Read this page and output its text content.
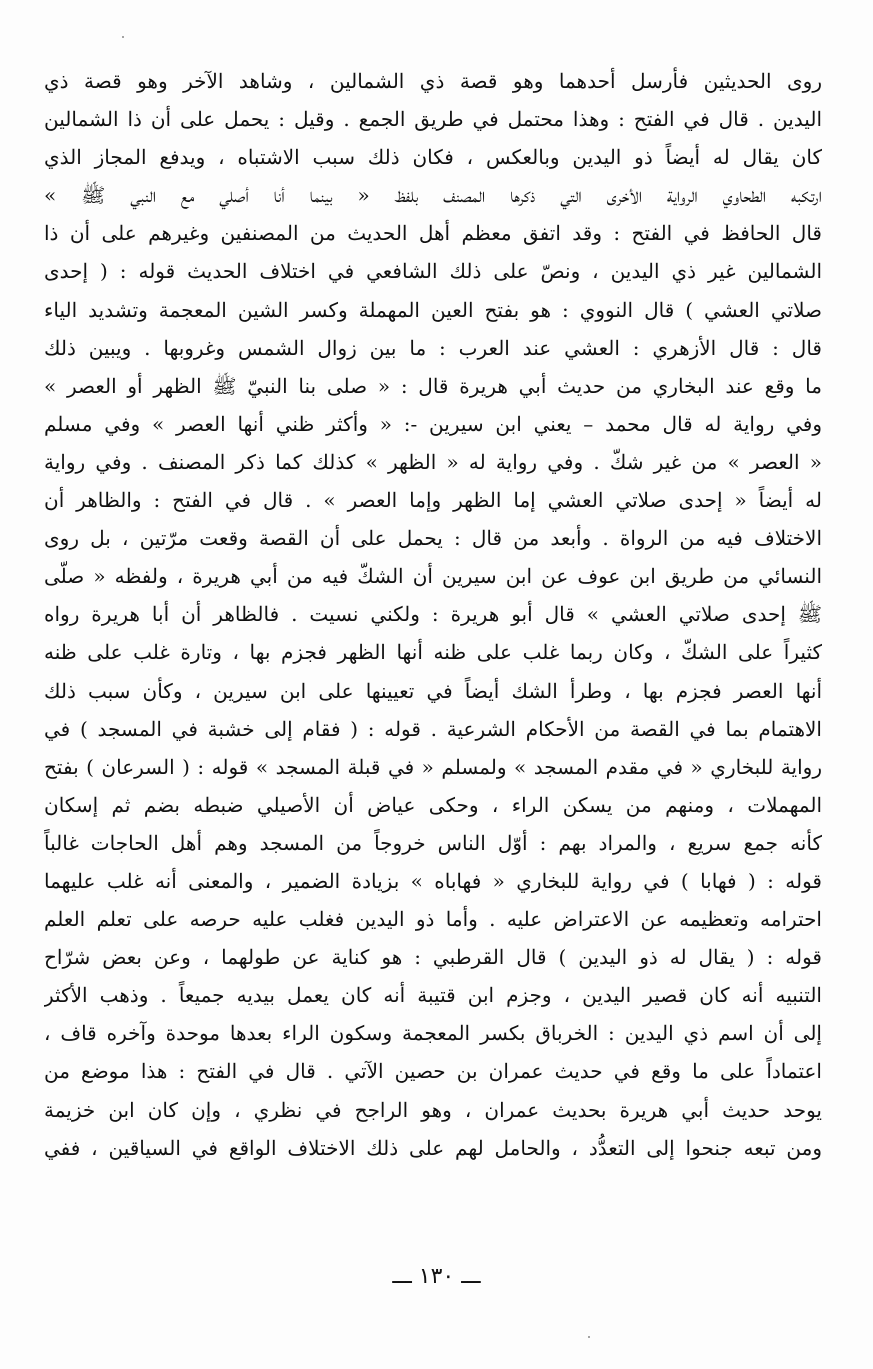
روى الحديثين فأرسل أحدهما وهو قصة ذي الشمالين ، وشاهد الآخر وهو قصة ذي
اليدين . قال في الفتح : وهذا محتمل في طريق الجمع . وقيل : يحمل على أن ذا الشمالين
كان يقال له أيضاً ذو اليدين وبالعكس ، فكان ذلك سبب الاشتباه ، ويدفع المجاز الذي
ارتكبه الطحاوي الرواية الأخرى التي ذكرها المصنف بلفظ « بينما أنا أصلي مع النبي ﷺ »
قال الحافظ في الفتح : وقد اتفق معظم أهل الحديث من المصنفين وغيرهم على أن ذا
الشمالين غير ذي اليدين ، ونصّ على ذلك الشافعي في اختلاف الحديث قوله : ( إحدى
صلاتي العشي ) قال النووي : هو بفتح العين المهملة وكسر الشين المعجمة وتشديد الياء
قال : قال الأزهري : العشي عند العرب : ما بين زوال الشمس وغروبها . ويبين ذلك
ما وقع عند البخاري من حديث أبي هريرة قال : « صلى بنا النبيّ ﷺ الظهر أو العصر »
وفي رواية له قال محمد – يعني ابن سيرين -: « وأكثر ظني أنها العصر » وفي مسلم
« العصر » من غير شكّ . وفي رواية له « الظهر » كذلك كما ذكر المصنف . وفي رواية
له أيضاً « إحدى صلاتي العشي إما الظهر وإما العصر » . قال في الفتح : والظاهر أن
الاختلاف فيه من الرواة . وأبعد من قال : يحمل على أن القصة وقعت مرّتين ، بل روى
النسائي من طريق ابن عوف عن ابن سيرين أن الشكّ فيه من أبي هريرة ، ولفظه « صلّى
ﷺ إحدى صلاتي العشي » قال أبو هريرة : ولكني نسيت . فالظاهر أن أبا هريرة رواه
كثيراً على الشكّ ، وكان ربما غلب على ظنه أنها الظهر فجزم بها ، وتارة غلب على ظنه
أنها العصر فجزم بها ، وطرأ الشك أيضاً في تعيينها على ابن سيرين ، وكأن سبب ذلك
الاهتمام بما في القصة من الأحكام الشرعية . قوله : ( فقام إلى خشبة في المسجد ) في
رواية للبخاري « في مقدم المسجد » ولمسلم « في قبلة المسجد » قوله : ( السرعان ) بفتح
المهملات ، ومنهم من يسكن الراء ، وحكى عياض أن الأصيلي ضبطه بضم ثم إسكان
كأنه جمع سريع ، والمراد بهم : أوّل الناس خروجاً من المسجد وهم أهل الحاجات غالباً
قوله : ( فهابا ) في رواية للبخاري « فهاباه » بزيادة الضمير ، والمعنى أنه غلب عليهما
احترامه وتعظيمه عن الاعتراض عليه . وأما ذو اليدين فغلب عليه حرصه على تعلم العلم
قوله : ( يقال له ذو اليدين ) قال القرطبي : هو كناية عن طولهما ، وعن بعض شرّاح
التنبيه أنه كان قصير اليدين ، وجزم ابن قتيبة أنه كان يعمل بيديه جميعاً . وذهب الأكثر
إلى أن اسم ذي اليدين : الخرباق بكسر المعجمة وسكون الراء بعدها موحدة وآخره قاف ،
اعتماداً على ما وقع في حديث عمران بن حصين الآتي . قال في الفتح : هذا موضع من
يوحد حديث أبي هريرة بحديث عمران ، وهو الراجح في نظري ، وإن كان ابن خزيمة
ومن تبعه جنحوا إلى التعدُّد ، والحامل لهم على ذلك الاختلاف الواقع في السياقين ، ففي
ـــ ١٣٠ ـــ
